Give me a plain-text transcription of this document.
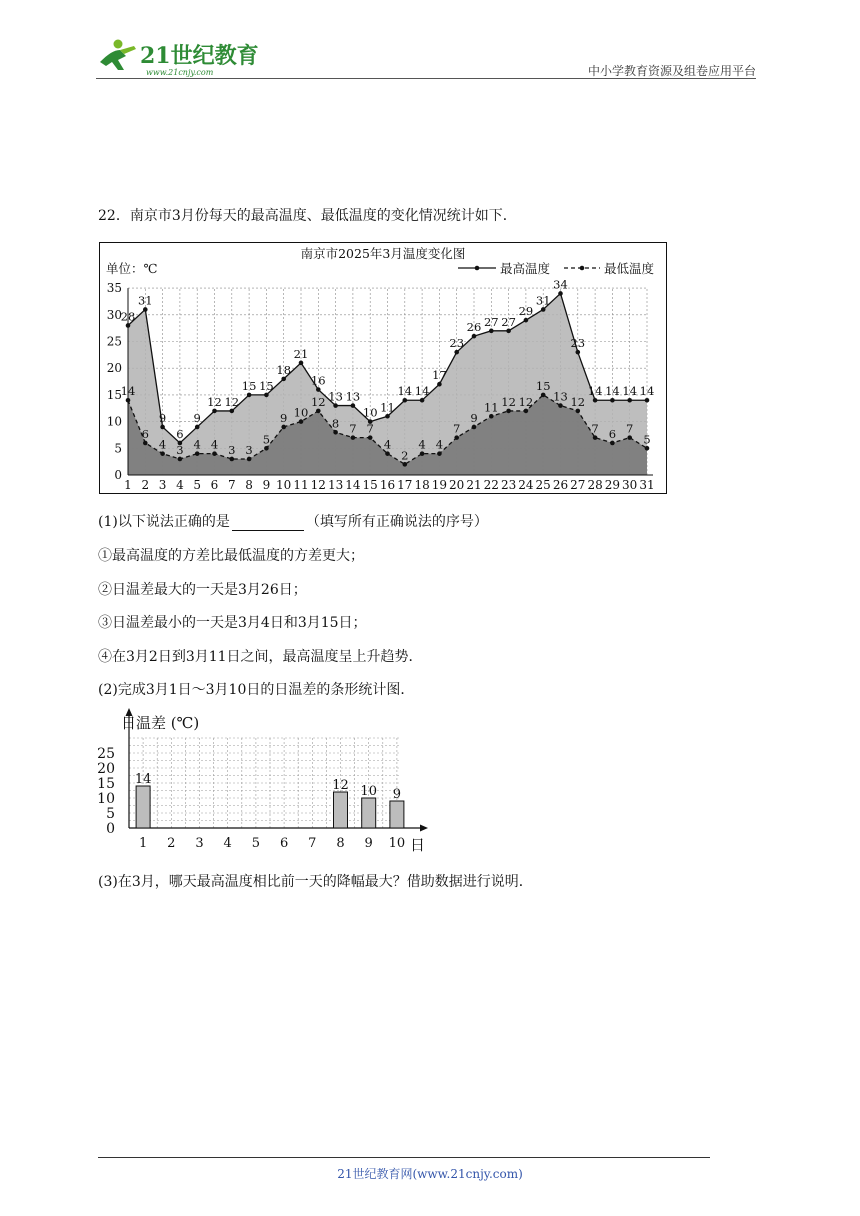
21世纪教育
www.21cnjy.com	中小学教育资源及组卷应用平台
22．南京市3月份每天的最高温度、最低温度的变化情况统计如下．
28
31
9
6
9
12 12
15 15
18
21
16
13 13
10 11
14 14
17
23
26 27 27
29
31
34
23
14 14 14 14
14
6
4 3 4 4 3 3
5
9 10
12
8 7 7
4
2
4 4
7
9
11 12 12
15
13 12
7 6 7
5
0
5
10
15
20
25
30
35
1 2 3 4 5 6 7 8 9 10 11 12 13 14 15 16 17 18 19 20 21 22 23 24 25 26 27 28 29 30 31
南京市2025年3月温度变化图
单位：℃	最高温度	最低温度
(1)以下说法正确的是	（填写所有正确说法的序号）
①最高温度的方差比最低温度的方差更大；
②日温差最大的一天是3月26日；
③日温差最小的一天是3月4日和3月15日；
④在3月2日到3月11日之间，最高温度呈上升趋势．
(2)完成3月1日～3月10日的日温差的条形统计图．
0
5
10
15
20
25
1
14
2 3 4 5 6 7 8
12
9
10
10
9
日温差 (℃)
日
(3)在3月，哪天最高温度相比前一天的降幅最大？借助数据进行说明．
21世纪教育网(www.21cnjy.com)
